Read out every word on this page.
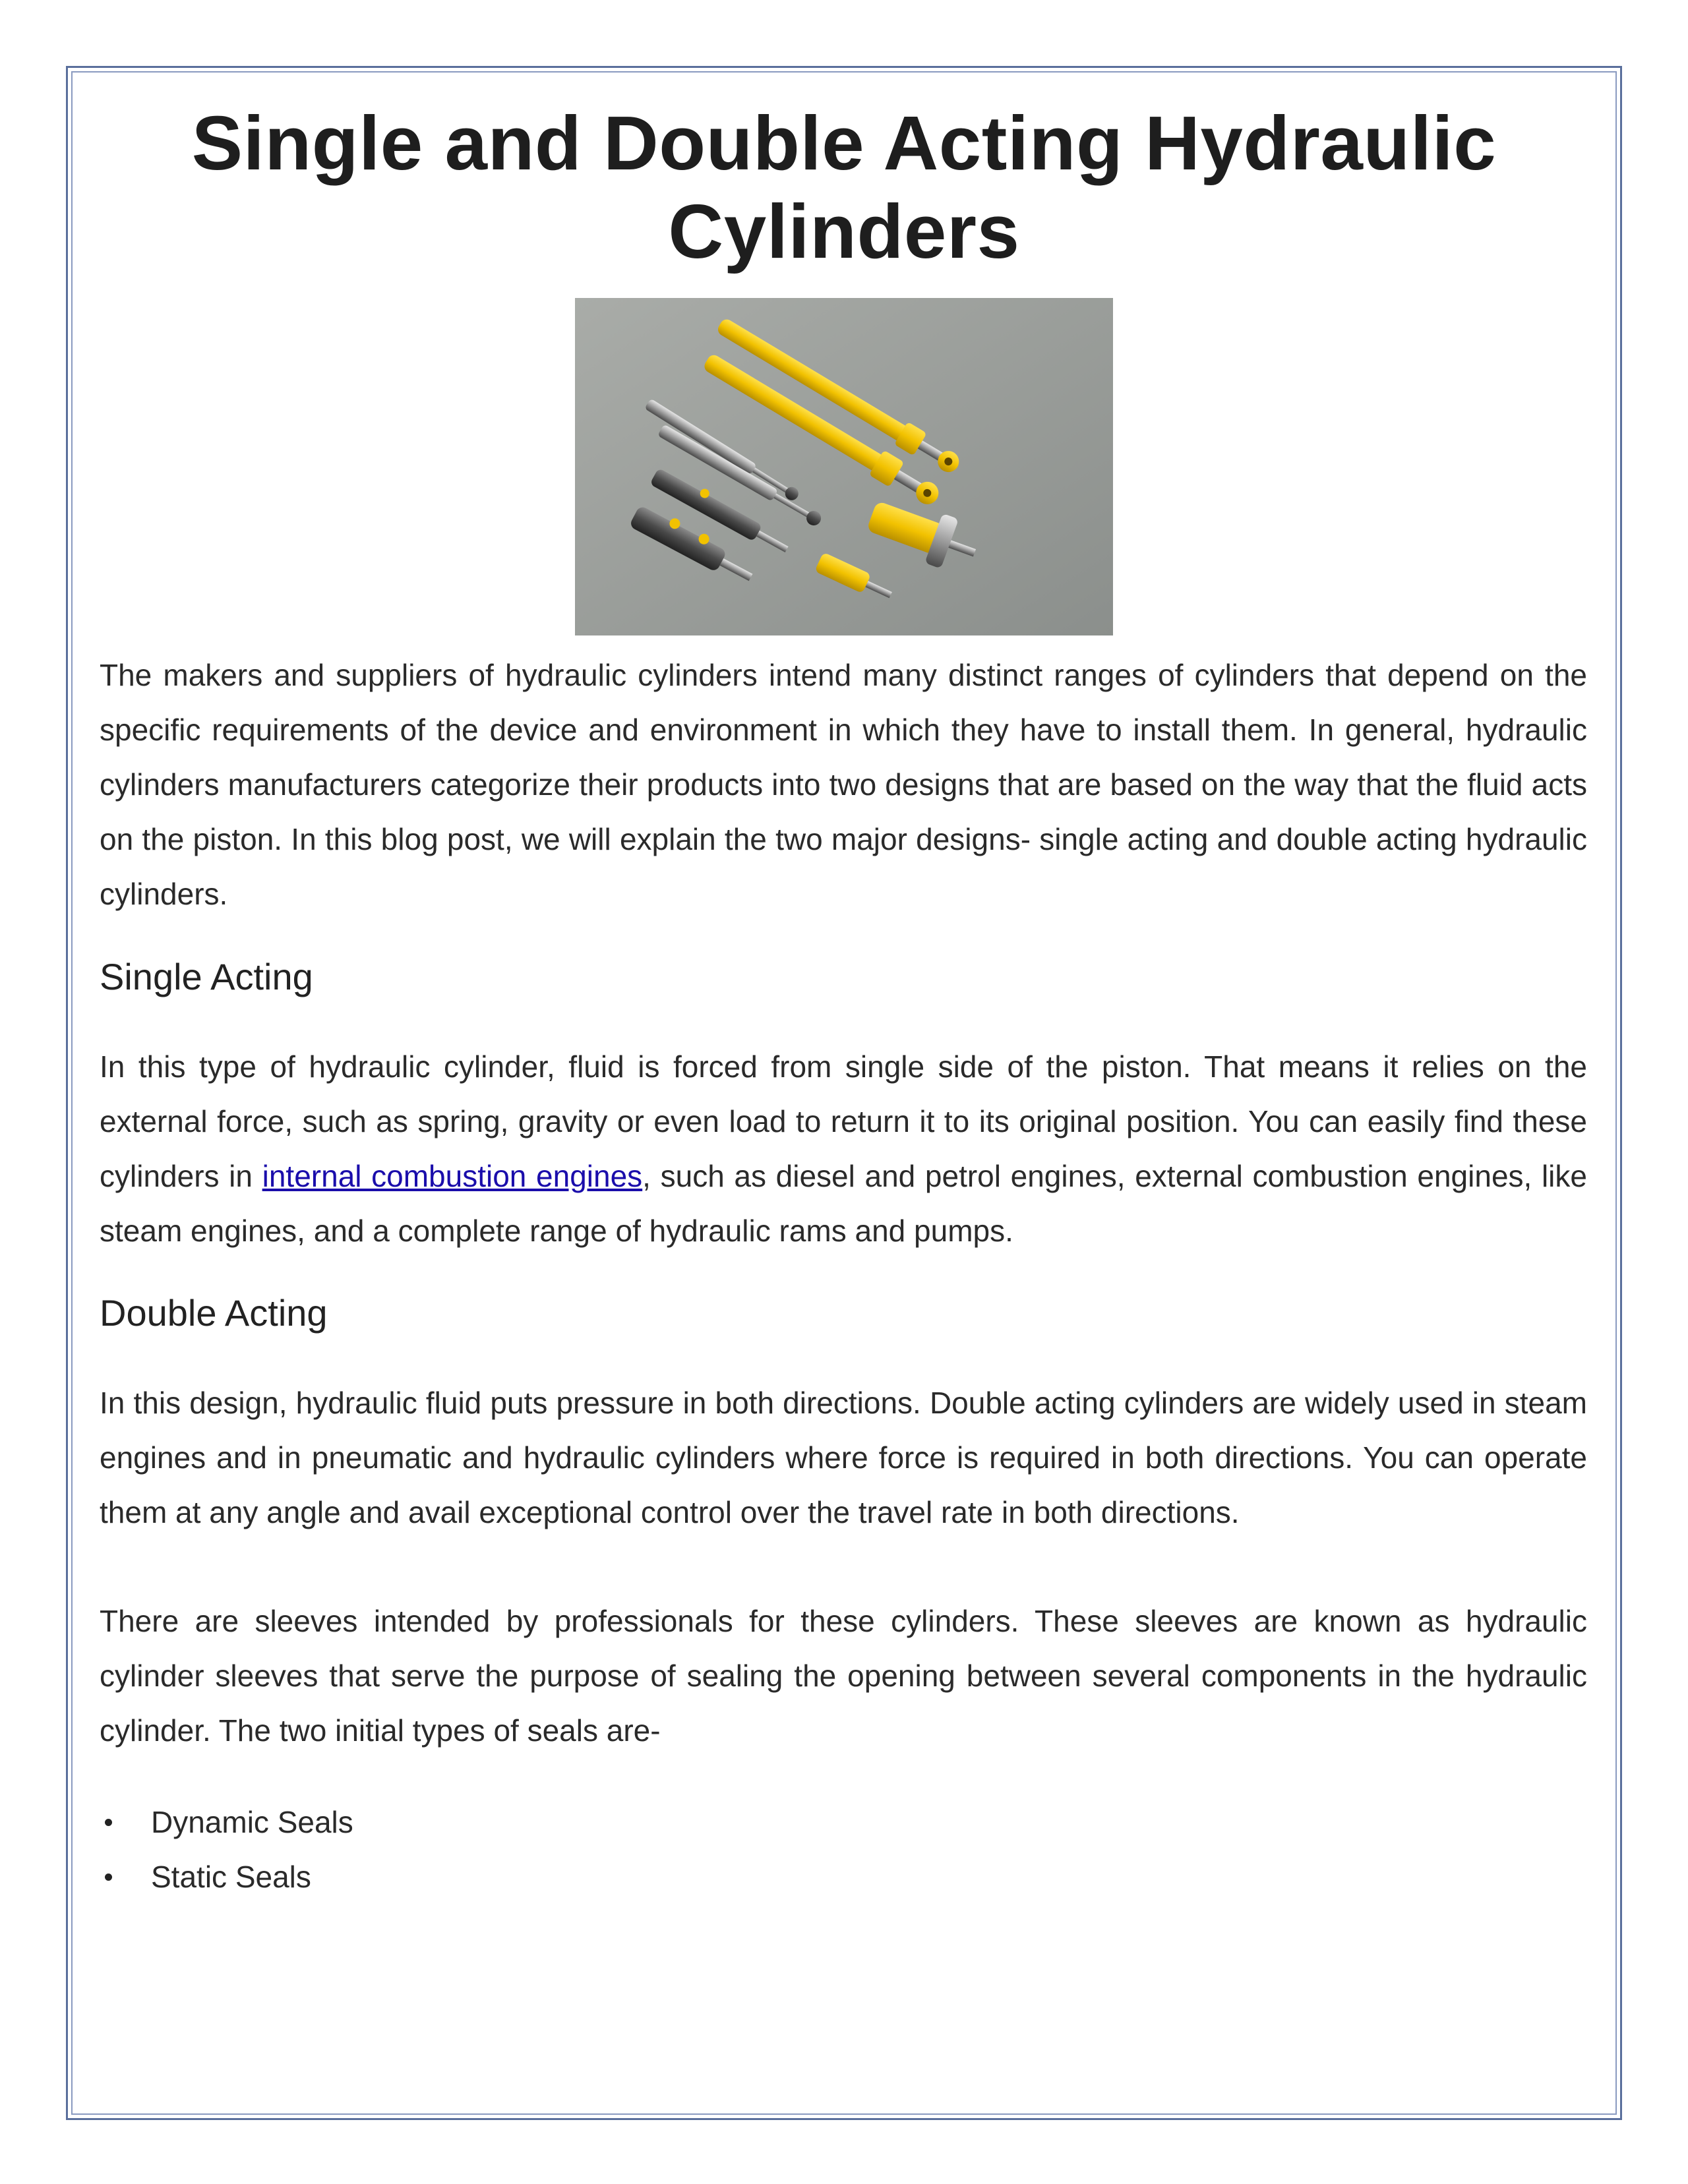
Single and Double Acting Hydraulic Cylinders

The makers and suppliers of hydraulic cylinders intend many distinct ranges of cylinders that depend on the specific requirements of the device and environment in which they have to install them. In general, hydraulic cylinders manufacturers categorize their products into two designs that are based on the way that the fluid acts on the piston. In this blog post, we will explain the two major designs- single acting and double acting hydraulic cylinders.

Single Acting

In this type of hydraulic cylinder, fluid is forced from single side of the piston. That means it relies on the external force, such as spring, gravity or even load to return it to its original position. You can easily find these cylinders in internal combustion engines, such as diesel and petrol engines, external combustion engines, like steam engines, and a complete range of hydraulic rams and pumps.

Double Acting

In this design, hydraulic fluid puts pressure in both directions. Double acting cylinders are widely used in steam engines and in pneumatic and hydraulic cylinders where force is required in both directions. You can operate them at any angle and avail exceptional control over the travel rate in both directions.

There are sleeves intended by professionals for these cylinders. These sleeves are known as hydraulic cylinder sleeves that serve the purpose of sealing the opening between several components in the hydraulic cylinder. The two initial types of seals are-

Dynamic Seals
Static Seals
